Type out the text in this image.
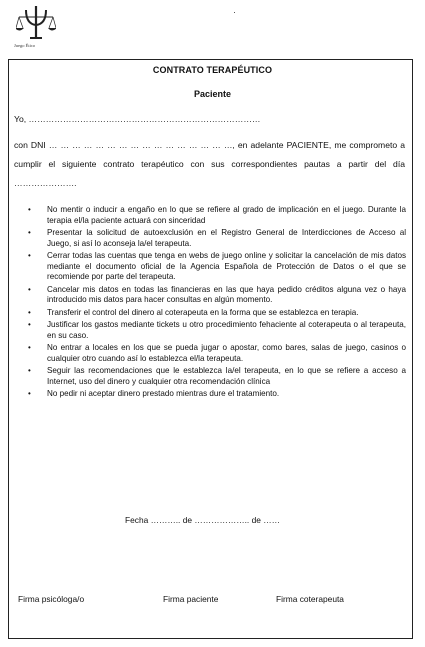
Juego Ético
CONTRATO TERAPÉUTICO
Paciente
Yo, ………………………………………………………………………
con DNI … … … … … … … … … … … … … … … …, en adelante PACIENTE, me comprometo a cumplir el siguiente contrato terapéutico con sus correspondientes pautas a partir del día ………………….
• No mentir o inducir a engaño en lo que se refiere al grado de implicación en el juego. Durante la terapia el/la paciente actuará con sinceridad
• Presentar la solicitud de autoexclusión en el Registro General de Interdicciones de Acceso al Juego, si así lo aconseja la/el terapeuta.
• Cerrar todas las cuentas que tenga en webs de juego online y solicitar la cancelación de mis datos mediante el documento oficial de la Agencia Española de Protección de Datos o el que se recomiende por parte del terapeuta.
• Cancelar mis datos en todas las financieras en las que haya pedido créditos alguna vez o haya introducido mis datos para hacer consultas en algún momento.
• Transferir el control del dinero al coterapeuta en la forma que se establezca en terapia.
• Justificar los gastos mediante tickets u otro procedimiento fehaciente al coterapeuta o al terapeuta, en su caso.
• No entrar a locales en los que se pueda jugar o apostar, como bares, salas de juego, casinos o cualquier otro cuando así lo establezca el/la terapeuta.
• Seguir las recomendaciones que le establezca la/el terapeuta, en lo que se refiere a acceso a Internet, uso del dinero y cualquier otra recomendación clínica
• No pedir ni aceptar dinero prestado mientras dure el tratamiento.
Fecha ……….. de ……………….. de ……
Firma psicóloga/o	Firma paciente	Firma coterapeuta
